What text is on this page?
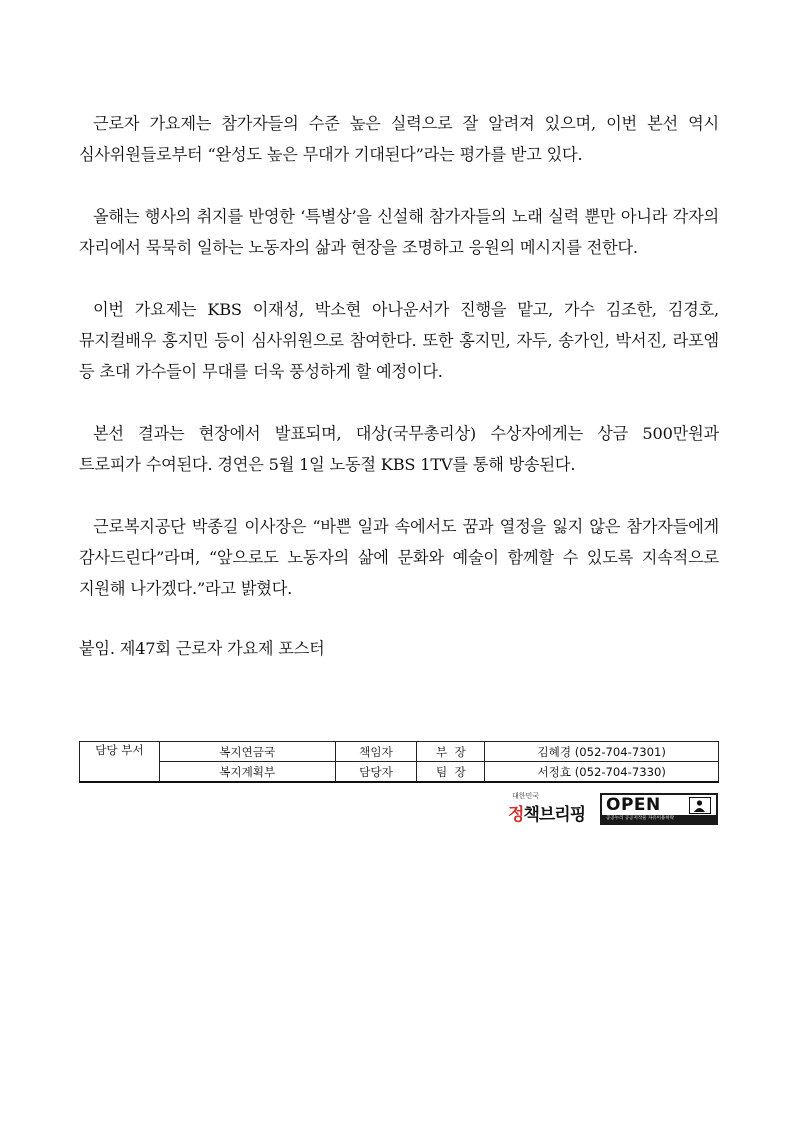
근로자 가요제는 참가자들의 수준 높은 실력으로 잘 알려져 있으며, 이번 본선 역시 심사위원들로부터 “완성도 높은 무대가 기대된다”라는 평가를 받고 있다.

올해는 행사의 취지를 반영한 ‘특별상’을 신설해 참가자들의 노래 실력 뿐만 아니라 각자의 자리에서 묵묵히 일하는 노동자의 삶과 현장을 조명하고 응원의 메시지를 전한다.

이번 가요제는 KBS 이재성, 박소현 아나운서가 진행을 맡고, 가수 김조한, 김경호, 뮤지컬배우 홍지민 등이 심사위원으로 참여한다. 또한 홍지민, 자두, 송가인, 박서진, 라포엠 등 초대 가수들이 무대를 더욱 풍성하게 할 예정이다.

본선 결과는 현장에서 발표되며, 대상(국무총리상) 수상자에게는 상금 500만원과 트로피가 수여된다. 경연은 5월 1일 노동절 KBS 1TV를 통해 방송된다.

근로복지공단 박종길 이사장은 “바쁜 일과 속에서도 꿈과 열정을 잃지 않은 참가자들에게 감사드린다”라며, “앞으로도 노동자의 삶에 문화와 예술이 함께할 수 있도록 지속적으로 지원해 나가겠다.”라고 밝혔다.

붙임. 제47회 근로자 가요제 포스터
담당 부서	복지연금국	책임자	부  장	김혜경 (052-704-7301)
	복지계획부	담당자	팀  장	서정효 (052-704-7330)
대한민국
정책브리핑 OPEN
공공누리 공공저작물 자유이용허락
